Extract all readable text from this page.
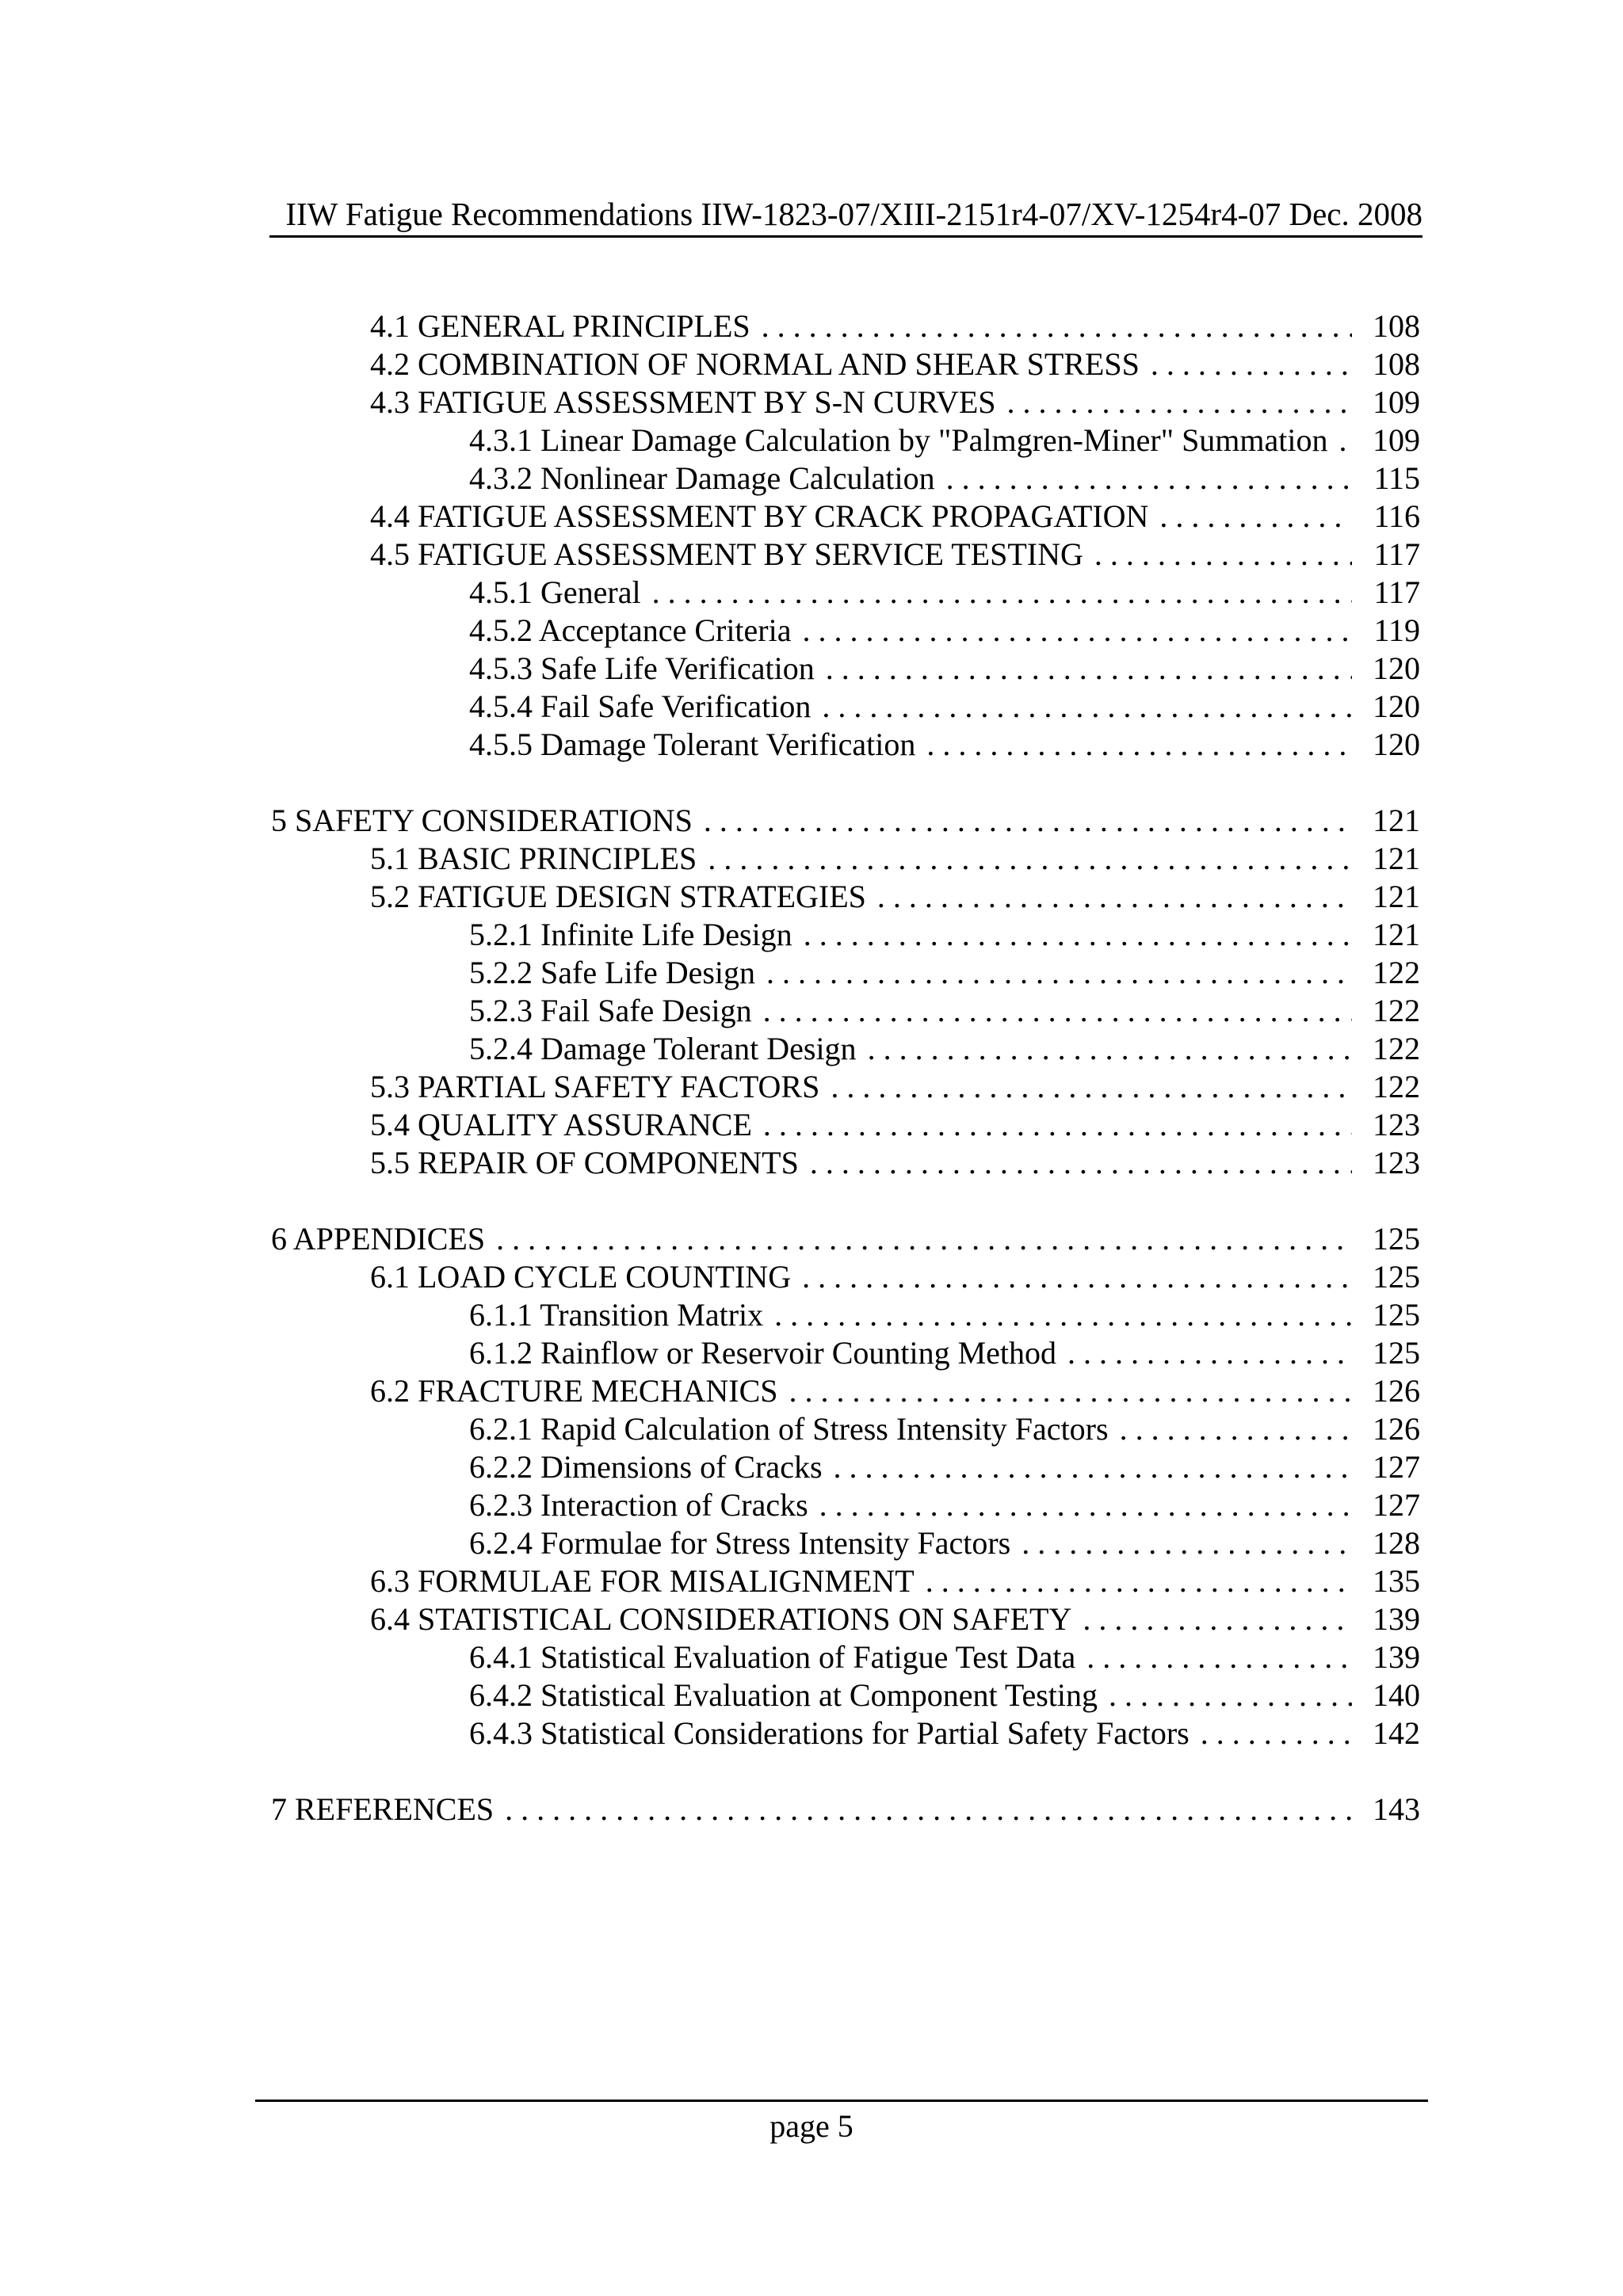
IIW Fatigue Recommendations IIW-1823-07/XIII-2151r4-07/XV-1254r4-07 Dec. 2008
4.1 GENERAL PRINCIPLES . . .	108
4.2 COMBINATION OF NORMAL AND SHEAR STRESS . . .	108
4.3 FATIGUE ASSESSMENT BY S-N CURVES . . .	109
4.3.1 Linear Damage Calculation by "Palmgren-Miner" Summation . . .	109
4.3.2 Nonlinear Damage Calculation . . .	115
4.4 FATIGUE ASSESSMENT BY CRACK PROPAGATION . . .	116
4.5 FATIGUE ASSESSMENT BY SERVICE TESTING . . .	117
4.5.1 General . . .	117
4.5.2 Acceptance Criteria . . .	119
4.5.3 Safe Life Verification . . .	120
4.5.4 Fail Safe Verification . . .	120
4.5.5 Damage Tolerant Verification . . .	120
5 SAFETY CONSIDERATIONS . . .	121
5.1 BASIC PRINCIPLES . . .	121
5.2 FATIGUE DESIGN STRATEGIES . . .	121
5.2.1 Infinite Life Design . . .	121
5.2.2 Safe Life Design . . .	122
5.2.3 Fail Safe Design . . .	122
5.2.4 Damage Tolerant Design . . .	122
5.3 PARTIAL SAFETY FACTORS . . .	122
5.4 QUALITY ASSURANCE . . .	123
5.5 REPAIR OF COMPONENTS . . .	123
6 APPENDICES . . .	125
6.1 LOAD CYCLE COUNTING . . .	125
6.1.1 Transition Matrix . . .	125
6.1.2 Rainflow or Reservoir Counting Method . . .	125
6.2 FRACTURE MECHANICS . . .	126
6.2.1 Rapid Calculation of Stress Intensity Factors . . .	126
6.2.2 Dimensions of Cracks . . .	127
6.2.3 Interaction of Cracks . . .	127
6.2.4 Formulae for Stress Intensity Factors . . .	128
6.3 FORMULAE FOR MISALIGNMENT . . .	135
6.4 STATISTICAL CONSIDERATIONS ON SAFETY . . .	139
6.4.1 Statistical Evaluation of Fatigue Test Data . . .	139
6.4.2 Statistical Evaluation at Component Testing . . .	140
6.4.3 Statistical Considerations for Partial Safety Factors . . .	142
7 REFERENCES . . .	143
page 5
